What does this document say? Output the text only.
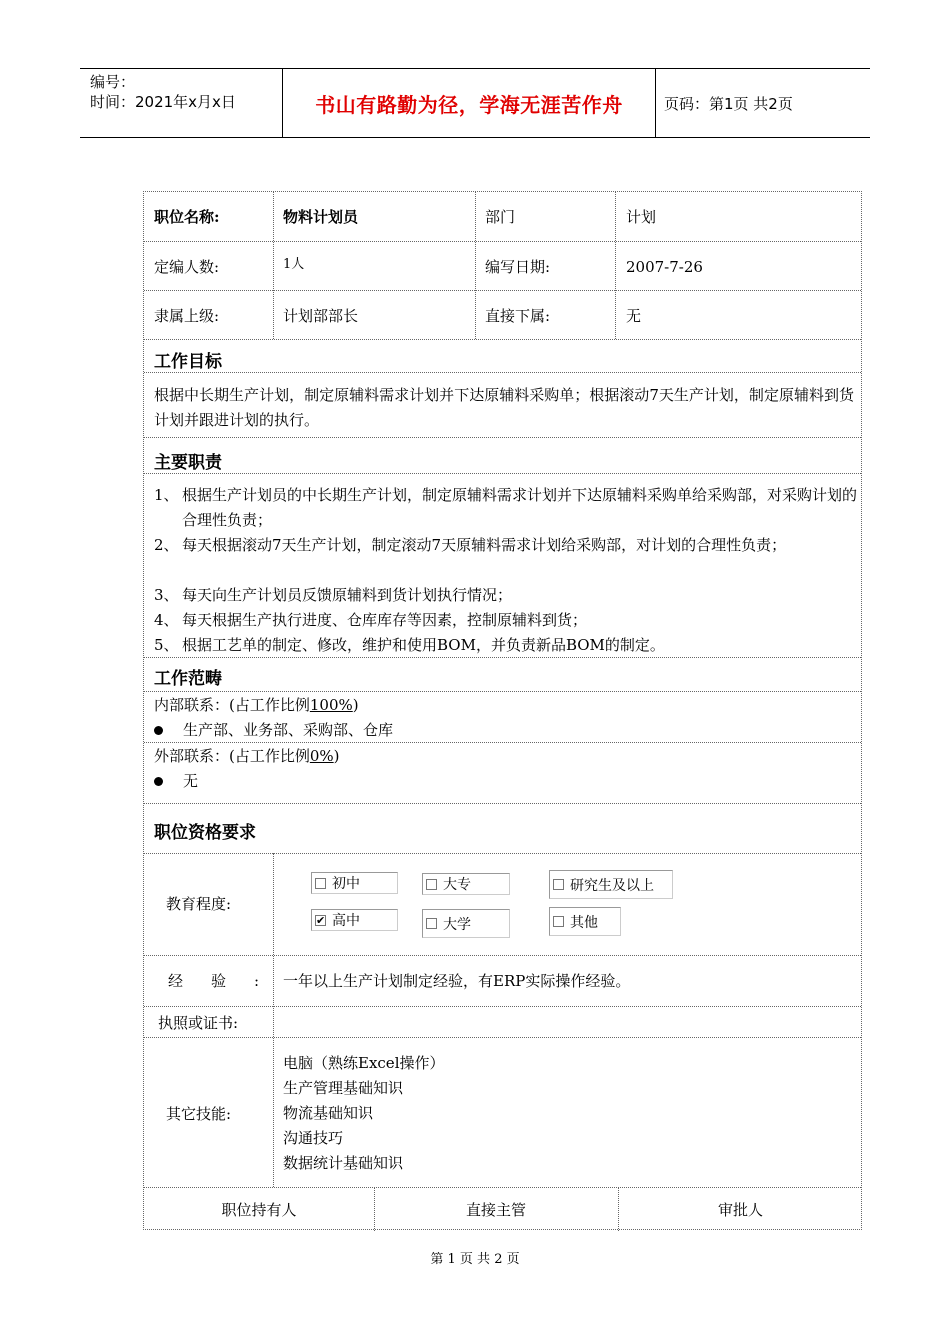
编号：
时间：2021年x月x日	书山有路勤为径，学海无涯苦作舟	页码：第1页 共2页
职位名称:	物料计划员	部门	计划
定编人数:	1人	编写日期:	2007-7-26
隶属上级:	计划部部长	直接下属:	无
工作目标
根据中长期生产计划，制定原辅料需求计划并下达原辅料采购单；根据滚动7天生产计划，制定原辅料到货计划并跟进计划的执行。
主要职责
1、 根据生产计划员的中长期生产计划，制定原辅料需求计划并下达原辅料采购单给采购部，对采购计划的合理性负责；
2、 每天根据滚动7天生产计划，制定滚动7天原辅料需求计划给采购部，对计划的合理性负责；
3、 每天向生产计划员反馈原辅料到货计划执行情况；
4、 每天根据生产执行进度、仓库库存等因素，控制原辅料到货；
5、 根据工艺单的制定、修改，维护和使用BOM，并负责新品BOM的制定。
工作范畴
内部联系：(占工作比例100%)
生产部、业务部、采购部、仓库
外部联系：(占工作比例0%)
无
职位资格要求
教育程度:
初中	大专	研究生及以上
✔ 高中	大学	其他
经验:
一年以上生产计划制定经验，有ERP实际操作经验。
执照或证书:
其它技能:
电脑（熟练Excel操作）
生产管理基础知识
物流基础知识
沟通技巧
数据统计基础知识
职位持有人	直接主管	审批人
第 1 页 共 2 页
